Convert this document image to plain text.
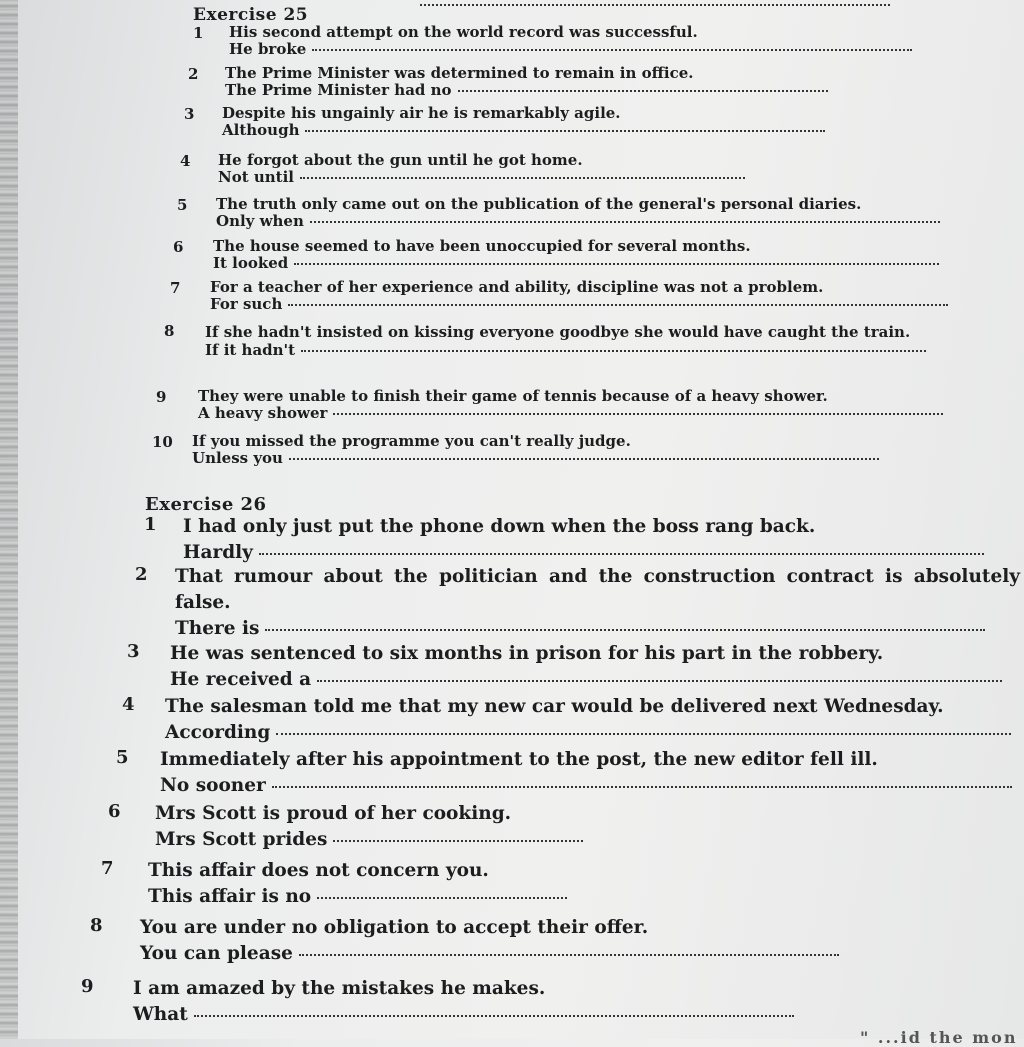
Exercise 25
1 His second attempt on the world record was successful.
He broke
2 The Prime Minister was determined to remain in office.
The Prime Minister had no
3 Despite his ungainly air he is remarkably agile.
Although
4 He forgot about the gun until he got home.
Not until
5 The truth only came out on the publication of the general's personal diaries.
Only when
6 The house seemed to have been unoccupied for several months.
It looked
7 For a teacher of her experience and ability, discipline was not a problem.
For such
8 If she hadn't insisted on kissing everyone goodbye she would have caught the train.
If it hadn't
9 They were unable to finish their game of tennis because of a heavy shower.
A heavy shower
10 If you missed the programme you can't really judge.
Unless you
Exercise 26
1 I had only just put the phone down when the boss rang back.
Hardly
2 That rumour about the politician and the construction contract is absolutely false.
There is
3 He was sentenced to six months in prison for his part in the robbery.
He received a
4 The salesman told me that my new car would be delivered next Wednesday.
According
5 Immediately after his appointment to the post, the new editor fell ill.
No sooner
6 Mrs Scott is proud of her cooking.
Mrs Scott prides
7 This affair does not concern you.
This affair is no
8 You are under no obligation to accept their offer.
You can please
9 I am amazed by the mistakes he makes.
What
" ...id the mon
